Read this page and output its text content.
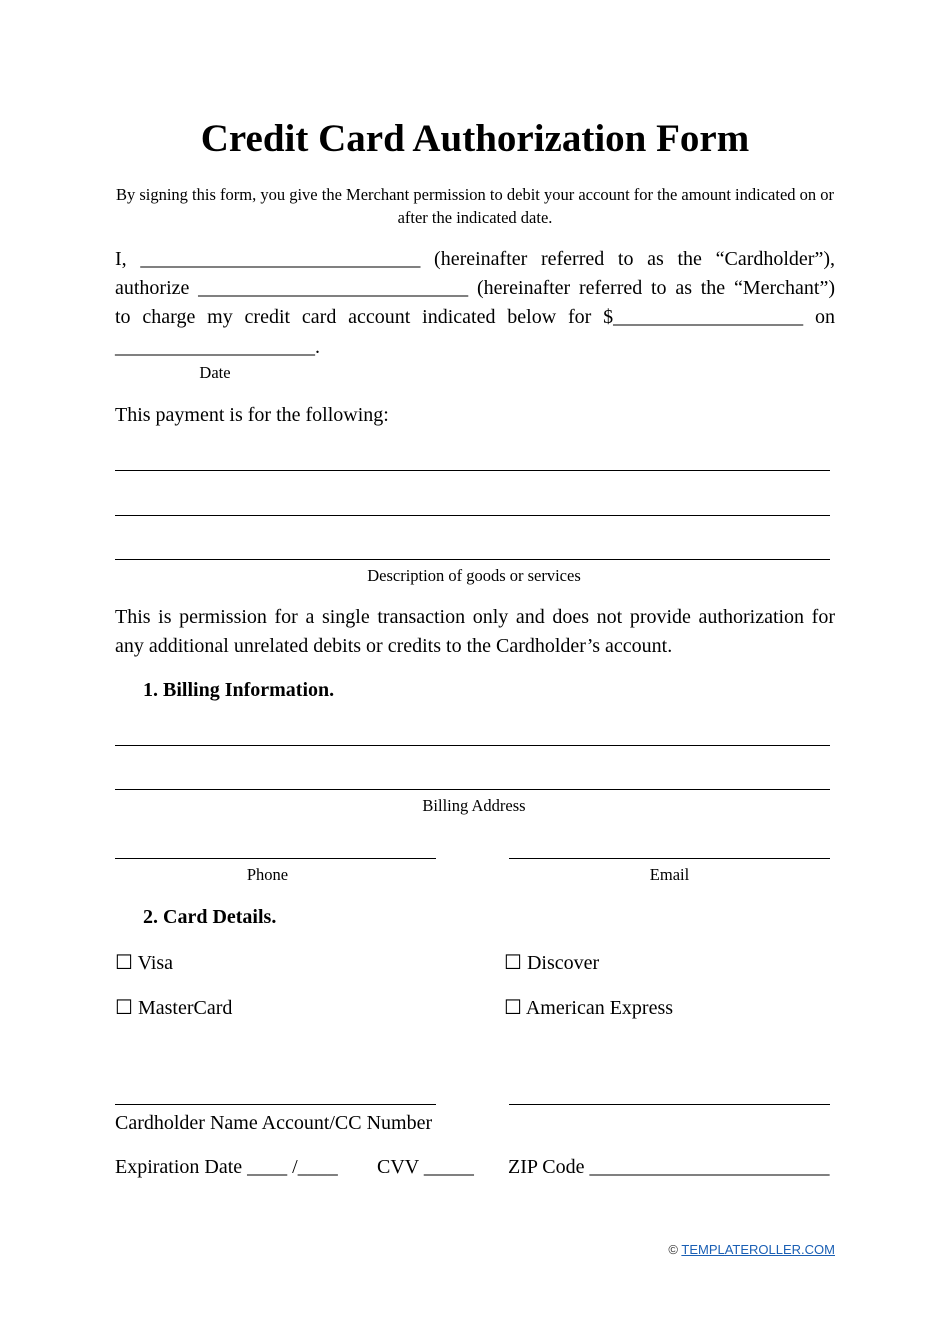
Credit Card Authorization Form
By signing this form, you give the Merchant permission to debit your account for the amount indicated on or after the indicated date.
I, ____________________________ (hereinafter referred to as the “Cardholder”),
authorize ___________________________ (hereinafter referred to as the “Merchant”)
to charge my credit card account indicated below for $___________________ on
____________________.
Date
This payment is for the following:
Description of goods or services
This is permission for a single transaction only and does not provide authorization for
any additional unrelated debits or credits to the Cardholder’s account.
1. Billing Information.
Billing Address
Phone	Email
2. Card Details.
☐ Visa	☐ Discover
☐ MasterCard	☐ American Express
Cardholder Name Account/CC Number
Expiration Date ____ /____ CVV _____ ZIP Code ________________________
© TEMPLATEROLLER.COM
